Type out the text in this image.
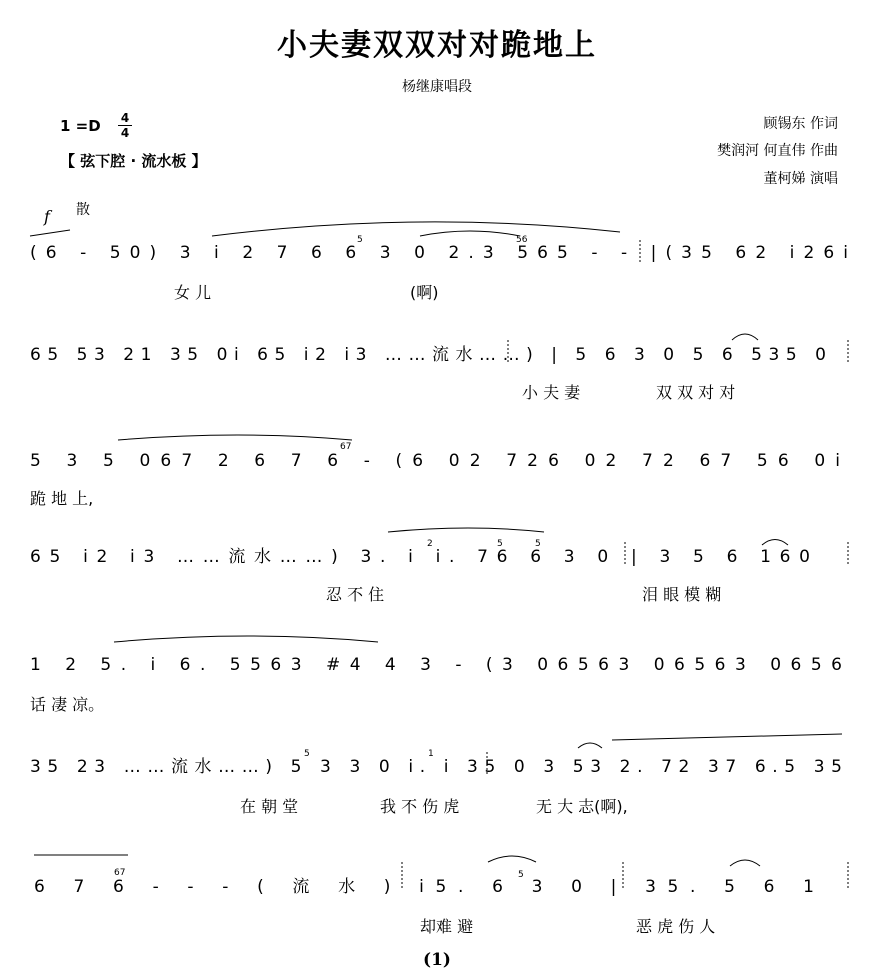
小夫妻双双对对跪地上
杨继康唱段
1 =D 4
4
【 弦下腔 · 流水板 】
顾锡东 作词
樊润河 何直伟 作曲
董柯娣 演唱
f 散
(6 - 50) 3 i 2 7 6 6 3 0 2.3 565 - - |(35 62 i26i
5	56
女 儿	(啊)
65 53 21 35 0i 65 i2 i3 ……流水……) | 5 6 3 0 5 6 535 0
小 夫 妻	双 双 对 对
5 3 5 067 2 6 7 6 - (6 02 726 02 72 67 56 0i
67
跪 地 上,
65 i2 i3 ……流水……) 3. i i. 76 6 3 0 | 3 5 6 160
2	5	5
忍 不 住	泪 眼 模 糊
1 2 5. i 6. 5563 #4 4 3 - (3 06563 06563 0656
话 凄 凉。
35 23 ……流水……) 5 3 3 0 i. i 35 0 3 53 2. 72 37 6.5 35
5	1
在 朝 堂	我 不 伤 虎	无 大 志(啊),
6 7 6 - - - ( 流 水 ) i5. 6 3 0 | 35. 5 6 1
67	5
却难 避	恶 虎 伤 人
(1)
